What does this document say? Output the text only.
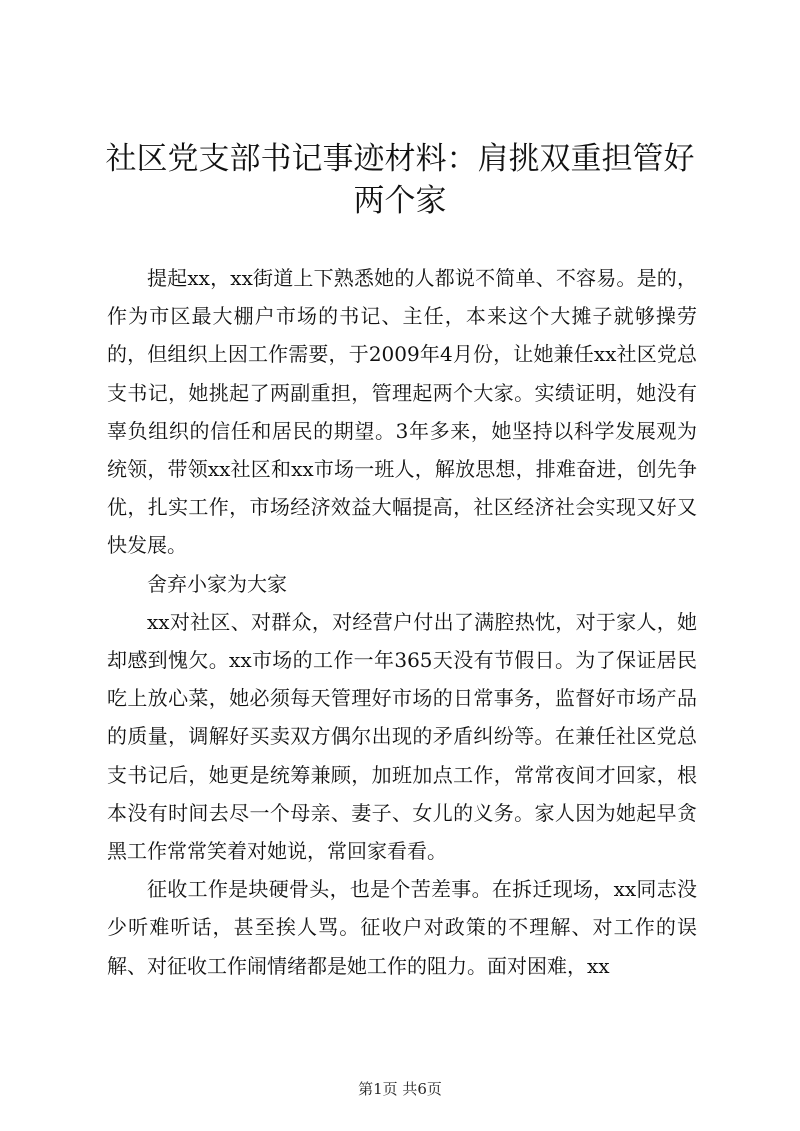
社区党支部书记事迹材料：肩挑双重担管好两个家

提起xx，xx街道上下熟悉她的人都说不简单、不容易。是的，作为市区最大棚户市场的书记、主任，本来这个大摊子就够操劳的，但组织上因工作需要，于2009年4月份，让她兼任xx社区党总支书记，她挑起了两副重担，管理起两个大家。实绩证明，她没有辜负组织的信任和居民的期望。3年多来，她坚持以科学发展观为统领，带领xx社区和xx市场一班人，解放思想，排难奋进，创先争优，扎实工作，市场经济效益大幅提高，社区经济社会实现又好又快发展。

舍弃小家为大家

xx对社区、对群众，对经营户付出了满腔热忱，对于家人，她却感到愧欠。xx市场的工作一年365天没有节假日。为了保证居民吃上放心菜，她必须每天管理好市场的日常事务，监督好市场产品的质量，调解好买卖双方偶尔出现的矛盾纠纷等。在兼任社区党总支书记后，她更是统筹兼顾，加班加点工作，常常夜间才回家，根本没有时间去尽一个母亲、妻子、女儿的义务。家人因为她起早贪黑工作常常笑着对她说，常回家看看。

征收工作是块硬骨头，也是个苦差事。在拆迁现场，xx同志没少听难听话，甚至挨人骂。征收户对政策的不理解、对工作的误解、对征收工作闹情绪都是她工作的阻力。面对困难，xx

第1页 共6页
